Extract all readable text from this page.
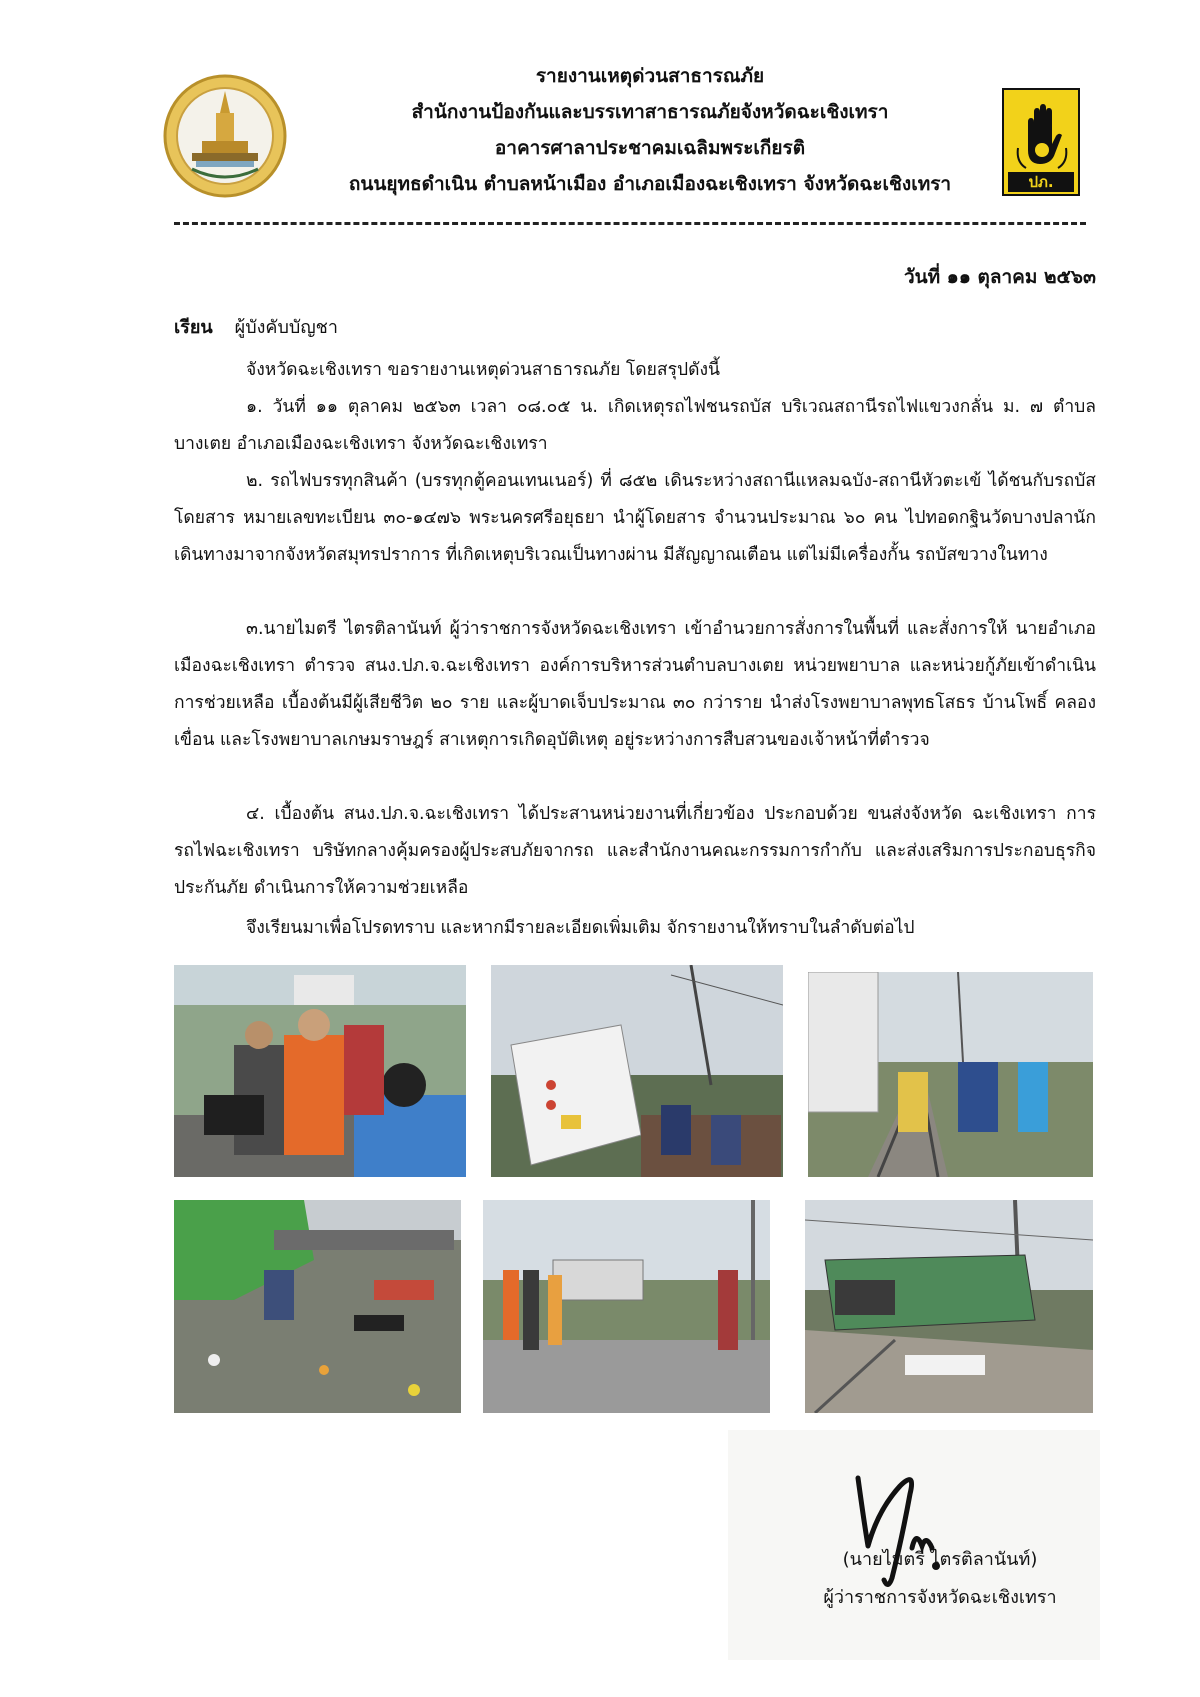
ปภ.
รายงานเหตุด่วนสาธารณภัย
สำนักงานป้องกันและบรรเทาสาธารณภัยจังหวัดฉะเชิงเทรา
อาคารศาลาประชาคมเฉลิมพระเกียรติ
ถนนยุทธดำเนิน ตำบลหน้าเมือง อำเภอเมืองฉะเชิงเทรา จังหวัดฉะเชิงเทรา
วันที่ ๑๑ ตุลาคม ๒๕๖๓
เรียน ผู้บังคับบัญชา
จังหวัดฉะเชิงเทรา ขอรายงานเหตุด่วนสาธารณภัย โดยสรุปดังนี้
๑. วันที่ ๑๑ ตุลาคม ๒๕๖๓ เวลา ๐๘.๐๕ น. เกิดเหตุรถไฟชนรถบัส บริเวณสถานีรถไฟแขวงกลั่น ม. ๗ ตำบลบางเตย อำเภอเมืองฉะเชิงเทรา จังหวัดฉะเชิงเทรา
๒. รถไฟบรรทุกสินค้า (บรรทุกตู้คอนเทนเนอร์) ที่ ๘๕๒ เดินระหว่างสถานีแหลมฉบัง-สถานีหัวตะเข้ ได้ชนกับรถบัสโดยสาร หมายเลขทะเบียน ๓๐-๑๔๗๖ พระนครศรีอยุธยา นำผู้โดยสาร จำนวนประมาณ ๖๐ คน ไปทอดกฐินวัดบางปลานัก เดินทางมาจากจังหวัดสมุทรปราการ ที่เกิดเหตุบริเวณเป็นทางผ่าน มีสัญญาณเตือน แต่ไม่มีเครื่องกั้น รถบัสขวางในทาง
๓.นายไมตรี ไตรติลานันท์ ผู้ว่าราชการจังหวัดฉะเชิงเทรา เข้าอำนวยการสั่งการในพื้นที่ และสั่งการให้ นายอำเภอเมืองฉะเชิงเทรา ตำรวจ สนง.ปภ.จ.ฉะเชิงเทรา องค์การบริหารส่วนตำบลบางเตย หน่วยพยาบาล และหน่วยกู้ภัยเข้าดำเนินการช่วยเหลือ เบื้องต้นมีผู้เสียชีวิต ๒๐ ราย และผู้บาดเจ็บประมาณ ๓๐ กว่าราย นำส่งโรงพยาบาลพุทธโสธร บ้านโพธิ์ คลองเขื่อน และโรงพยาบาลเกษมราษฎร์ สาเหตุการเกิดอุบัติเหตุ อยู่ระหว่างการสืบสวนของเจ้าหน้าที่ตำรวจ
๔. เบื้องต้น สนง.ปภ.จ.ฉะเชิงเทรา ได้ประสานหน่วยงานที่เกี่ยวข้อง ประกอบด้วย ขนส่งจังหวัด ฉะเชิงเทรา การรถไฟฉะเชิงเทรา บริษัทกลางคุ้มครองผู้ประสบภัยจากรถ และสำนักงานคณะกรรมการกำกับ และส่งเสริมการประกอบธุรกิจประกันภัย ดำเนินการให้ความช่วยเหลือ
จึงเรียนมาเพื่อโปรดทราบ และหากมีรายละเอียดเพิ่มเติม จักรายงานให้ทราบในลำดับต่อไป
(นายไมตรี ไตรติลานันท์)
ผู้ว่าราชการจังหวัดฉะเชิงเทรา
